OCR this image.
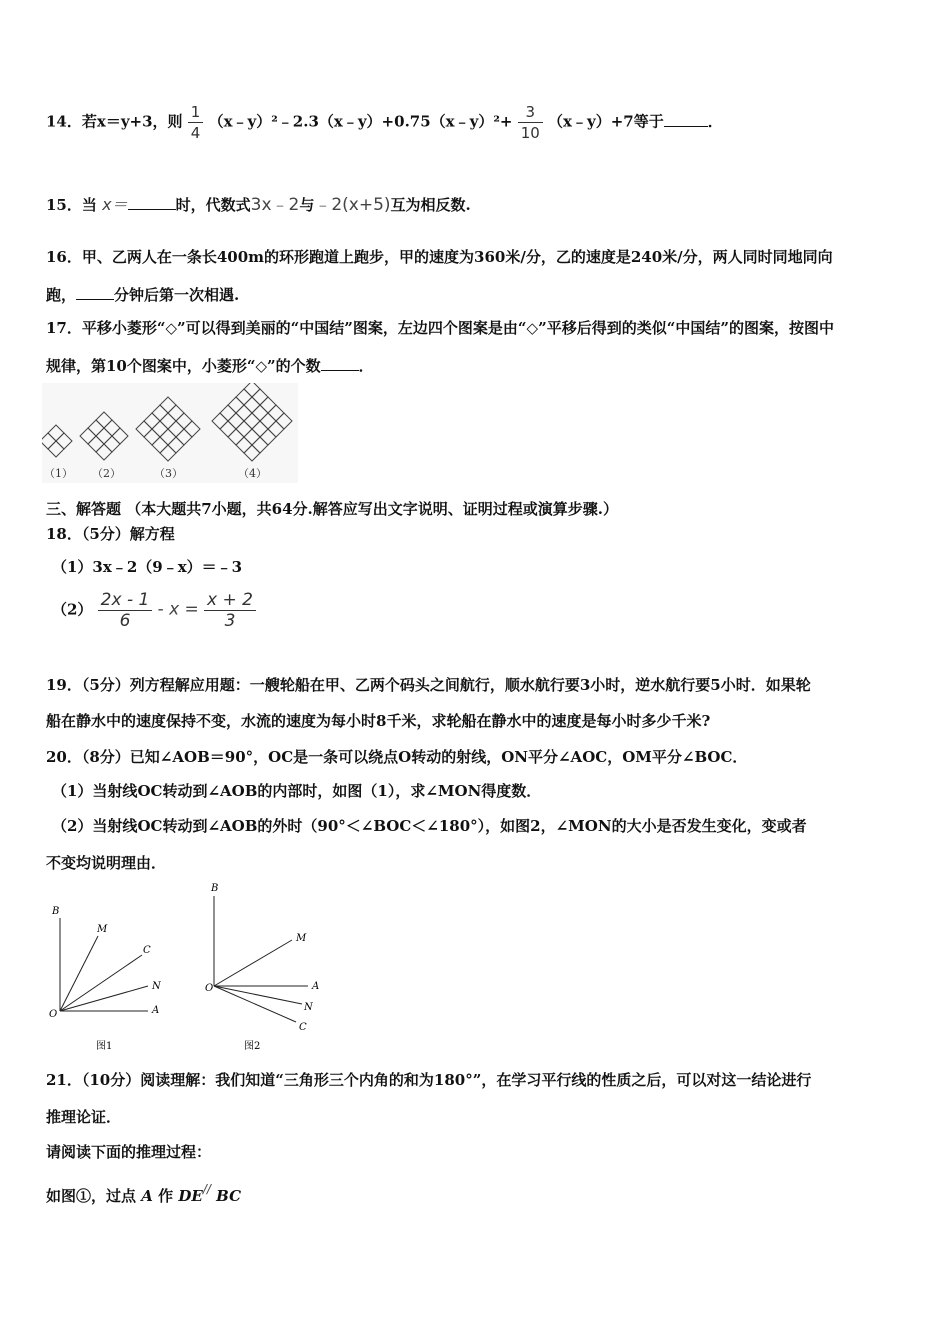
14．若x＝y+3，则 $\frac{1}{4}$ （x﹣y）²﹣2.3（x﹣y）+0.75（x﹣y）²+ $\frac{3}{10}$ （x﹣y）+7等于	．
15．当 x＝	时，代数式3x﹣2与﹣2(x+5)互为相反数.
16．甲、乙两人在一条长400m的环形跑道上跑步，甲的速度为360米/分，乙的速度是240米/分，两人同时同地同向
跑，	分钟后第一次相遇.
17．平移小菱形“◇”可以得到美丽的“中国结”图案，左边四个图案是由“◇”平移后得到的类似“中国结”的图案，按图中
规律，第10个图案中，小菱形“◇”的个数	．
（1） （2）	（3）	（4）
三、解答题 （本大题共7小题，共64分.解答应写出文字说明、证明过程或演算步骤.）
18．（5分）解方程
（1）3x﹣2（9﹣x）＝﹣3
$(2) \frac{2x - 1}{6} - x = \frac{x + 2}{3}$
19．（5分）列方程解应用题：一艘轮船在甲、乙两个码头之间航行，顺水航行要3小时，逆水航行要5小时．如果轮
船在静水中的速度保持不变，水流的速度为每小时8千米，求轮船在静水中的速度是每小时多少千米?
20．（8分）已知∠AOB＝90°，OC是一条可以绕点O转动的射线，ON平分∠AOC，OM平分∠BOC．
（1）当射线OC转动到∠AOB的内部时，如图（1），求∠MON得度数．
（2）当射线OC转动到∠AOB的外时（90°＜∠BOC＜∠180°），如图2，∠MON的大小是否发生变化，变或者
不变均说明理由．
B
M
C
N
A
O
图1
B
M
A
N
C
O
图2
21．（10分）阅读理解：我们知道“三角形三个内角的和为180°”，在学习平行线的性质之后，可以对这一结论进行
推理论证．
请阅读下面的推理过程：
如图①，过点 A 作 DE// BC
